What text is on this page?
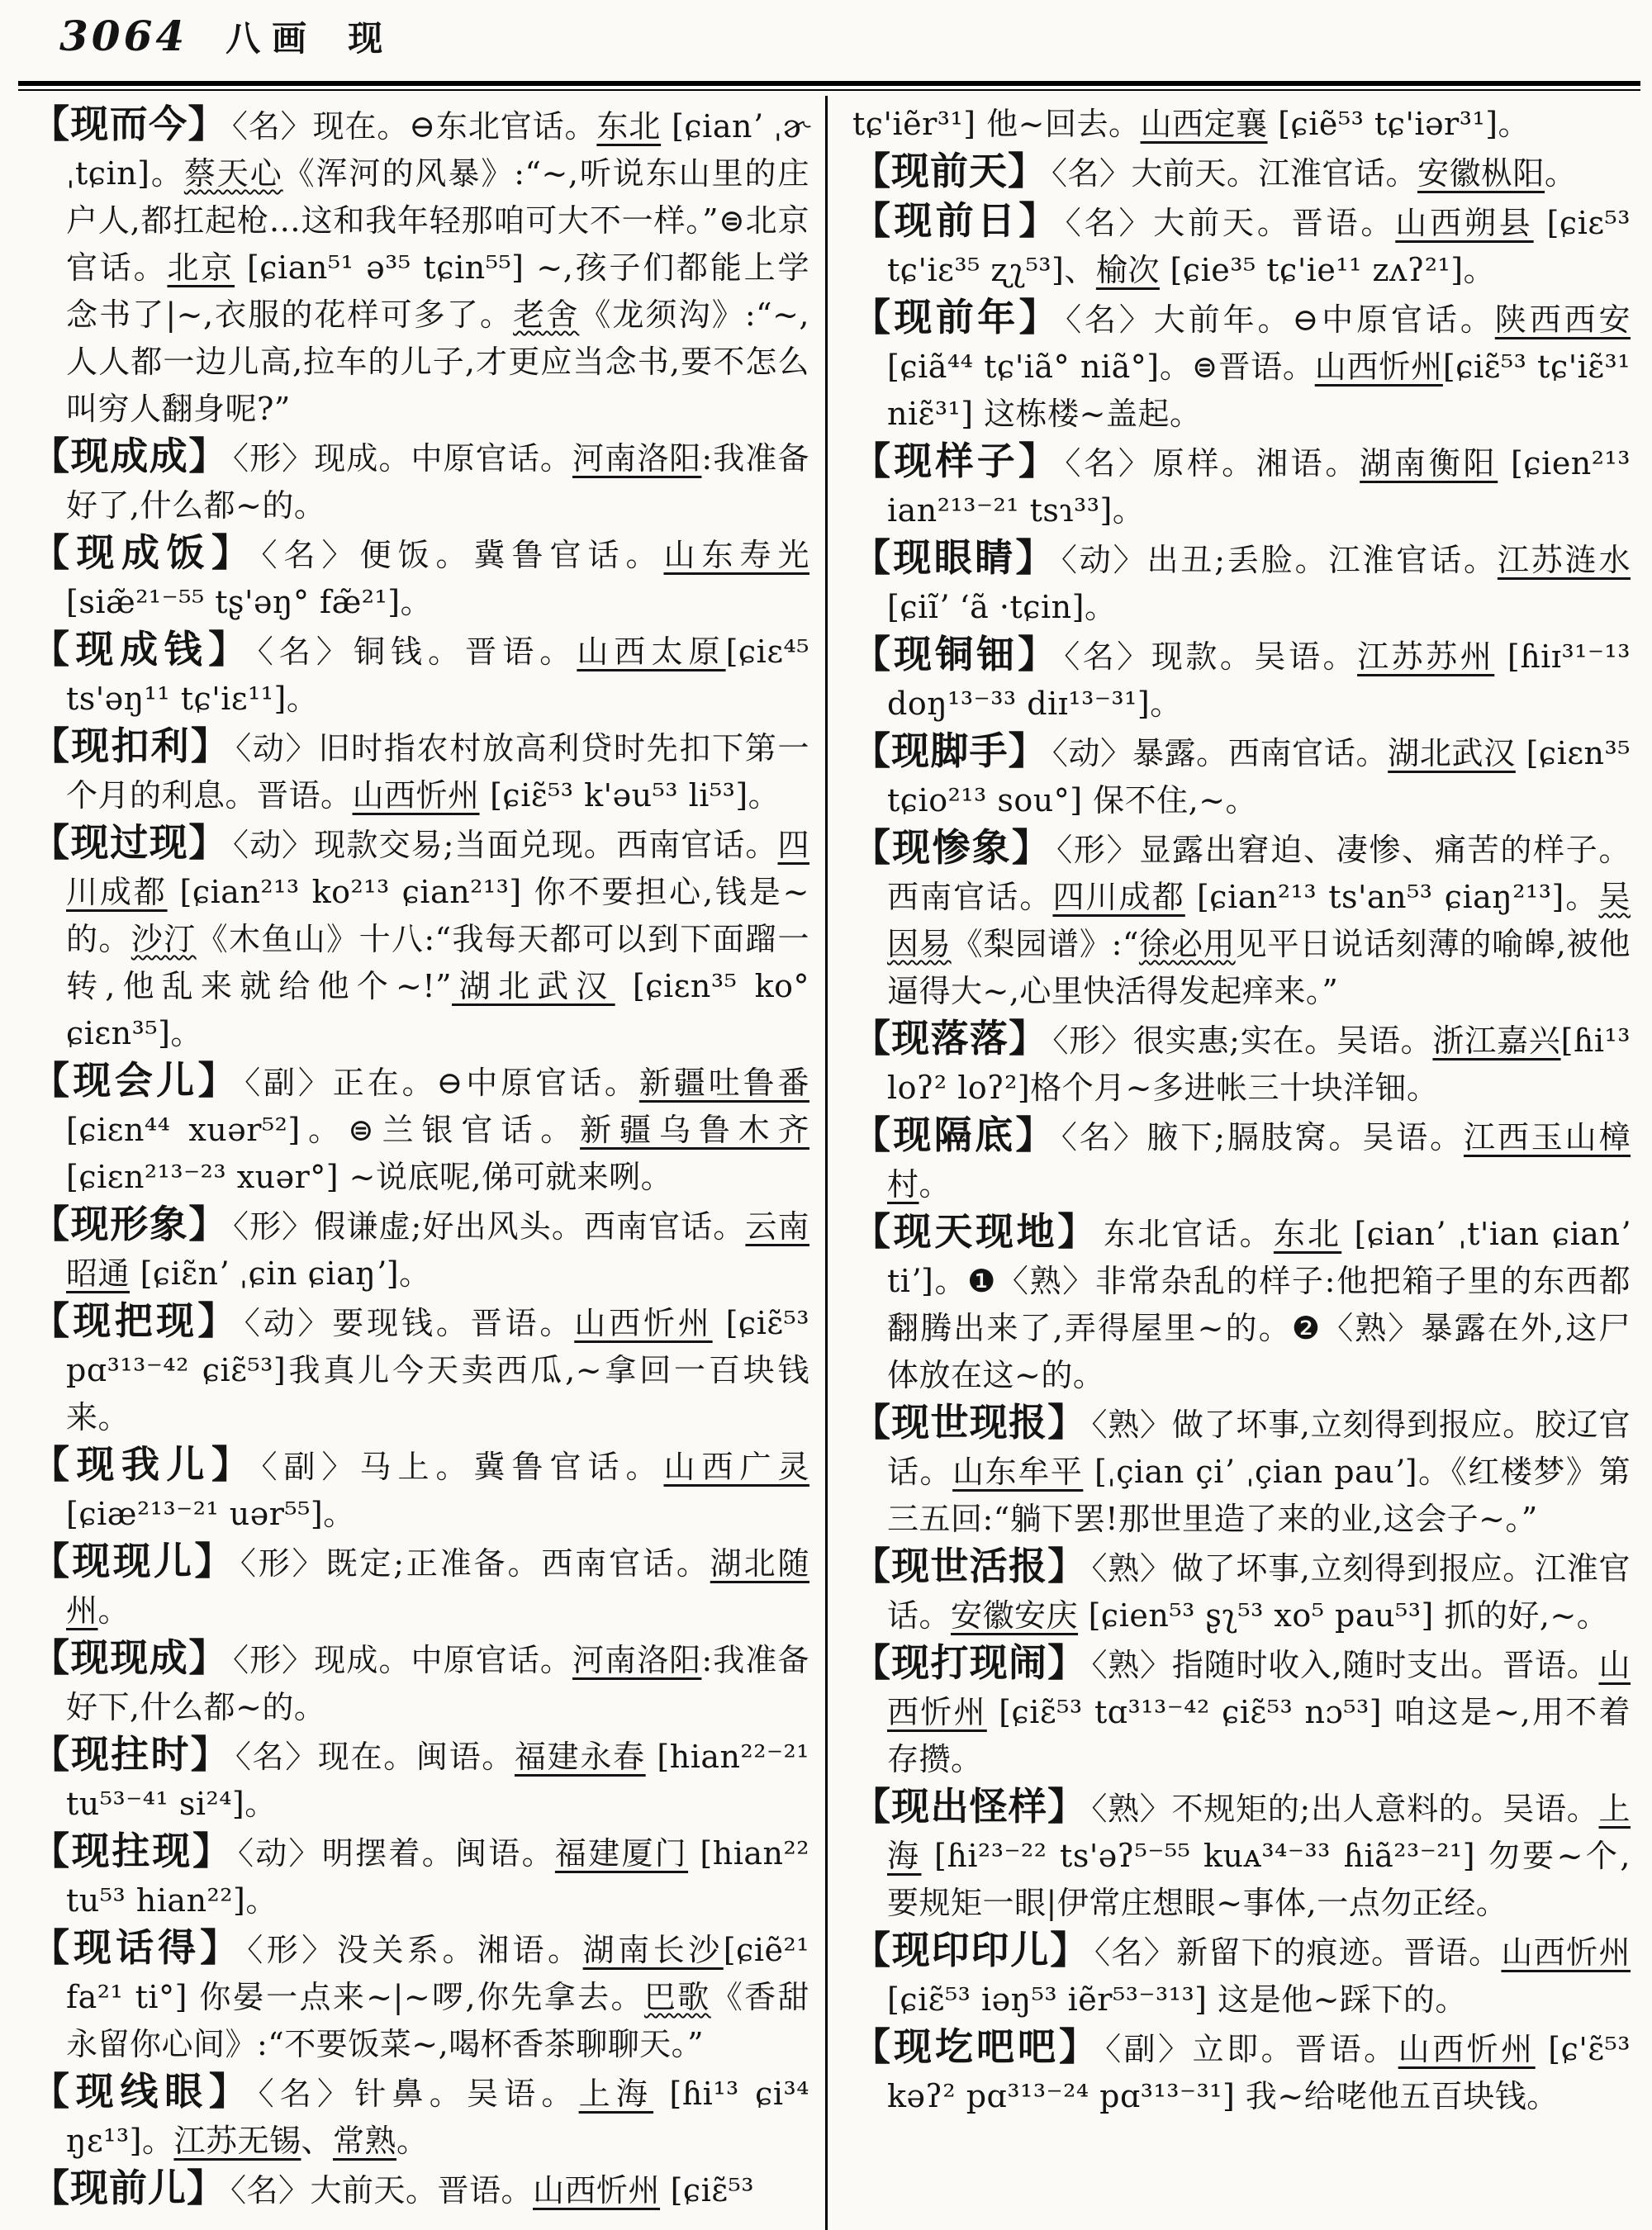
3064 八画 现
【现而今】 〈名〉现在。⊖东北官话。东北 [ɕianʼ ˌɚ ˌtɕin]。蔡天心《浑河的风暴》:“~,听说东山里的庄户人,都扛起枪…这和我年轻那咱可大不一样。”⊜北京官话。北京 [ɕian⁵¹ ə³⁵ tɕin⁵⁵] ~,孩子们都能上学念书了|~,衣服的花样可多了。老舍《龙须沟》:“~,人人都一边儿高,拉车的儿子,才更应当念书,要不怎么叫穷人翻身呢?”
【现成成】 〈形〉现成。中原官话。河南洛阳:我准备好了,什么都~的。
【现成饭】 〈名〉便饭。冀鲁官话。山东寿光 [siæ̃²¹⁻⁵⁵ tʂ'əŋ° fæ̃²¹]。
【现成钱】 〈名〉铜钱。晋语。山西太原[ɕiɛ⁴⁵ ts'əŋ¹¹ tɕ'iɛ¹¹]。
【现扣利】 〈动〉旧时指农村放高利贷时先扣下第一个月的利息。晋语。山西忻州 [ɕiɛ̃⁵³ k'əu⁵³ li⁵³]。
【现过现】 〈动〉现款交易;当面兑现。西南官话。四川成都 [ɕian²¹³ ko²¹³ ɕian²¹³] 你不要担心,钱是~的。沙汀《木鱼山》十八:“我每天都可以到下面蹓一转,他乱来就给他个~!”湖北武汉 [ɕiɛn³⁵ ko° ɕiɛn³⁵]。
【现会儿】 〈副〉正在。⊖中原官话。新疆吐鲁番 [ɕiɛn⁴⁴ xuər⁵²]。⊜兰银官话。新疆乌鲁木齐 [ɕiɛn²¹³⁻²³ xuər°] ~说底呢,俤可就来咧。
【现形象】 〈形〉假谦虚;好出风头。西南官话。云南昭通 [ɕiɛ̃nʼ ˌɕin ɕiaŋʼ]。
【现把现】 〈动〉要现钱。晋语。山西忻州 [ɕiɛ̃⁵³ pɑ³¹³⁻⁴² ɕiɛ̃⁵³]我真儿今天卖西瓜,~拿回一百块钱来。
【现我儿】 〈副〉马上。冀鲁官话。山西广灵[ɕiæ²¹³⁻²¹ uər⁵⁵]。
【现现儿】 〈形〉既定;正准备。西南官话。湖北随州。
【现现成】 〈形〉现成。中原官话。河南洛阳:我准备好下,什么都~的。
【现拄时】 〈名〉现在。闽语。福建永春 [hian²²⁻²¹ tu⁵³⁻⁴¹ si²⁴]。
【现拄现】 〈动〉明摆着。闽语。福建厦门 [hian²² tu⁵³ hian²²]。
【现话得】 〈形〉没关系。湘语。湖南长沙[ɕiẽ²¹ fa²¹ ti°] 你晏一点来~|~啰,你先拿去。巴歌《香甜永留你心间》:“不要饭菜~,喝杯香茶聊聊天。”
【现线眼】 〈名〉针鼻。吴语。上海 [ɦi¹³ ɕi³⁴ ŋɛ¹³]。江苏无锡、常熟。
【现前儿】 〈名〉大前天。晋语。山西忻州 [ɕiɛ̃⁵³
tɕ'iẽr³¹] 他~回去。山西定襄 [ɕiẽ⁵³ tɕ'iər³¹]。
【现前天】 〈名〉大前天。江淮官话。安徽枞阳。
【现前日】 〈名〉大前天。晋语。山西朔县 [ɕiɛ⁵³ tɕ'iɛ³⁵ ʐʅ⁵³]、榆次 [ɕie³⁵ tɕ'ie¹¹ zʌʔ²¹]。
【现前年】 〈名〉大前年。⊖中原官话。陕西西安 [ɕiã⁴⁴ tɕ'iã° niã°]。⊜晋语。山西忻州[ɕiɛ̃⁵³ tɕ'iɛ̃³¹ niɛ̃³¹] 这栋楼~盖起。
【现样子】 〈名〉原样。湘语。湖南衡阳 [ɕien²¹³ ian²¹³⁻²¹ tsɿ³³]。
【现眼睛】 〈动〉出丑;丢脸。江淮官话。江苏涟水 [ɕiĩʼ ʻã ·tɕin]。
【现铜钿】 〈名〉现款。吴语。江苏苏州 [ɦiɪ³¹⁻¹³ doŋ¹³⁻³³ diɪ¹³⁻³¹]。
【现脚手】 〈动〉暴露。西南官话。湖北武汉 [ɕiɛn³⁵ tɕio²¹³ sou°] 保不住,~。
【现惨象】 〈形〉显露出窘迫、凄惨、痛苦的样子。西南官话。四川成都 [ɕian²¹³ ts'an⁵³ ɕiaŋ²¹³]。吴因易《梨园谱》:“徐必用见平日说话刻薄的喻皞,被他逼得大~,心里快活得发起痒来。”
【现落落】 〈形〉很实惠;实在。吴语。浙江嘉兴[ɦi¹³ loʔ² loʔ²]格个月~多进帐三十块洋钿。
【现隔底】 〈名〉腋下;膈肢窝。吴语。江西玉山樟村。
【现天现地】 东北官话。东北 [ɕianʼ ˌt'ian ɕianʼ tiʼ]。❶〈熟〉非常杂乱的样子:他把箱子里的东西都翻腾出来了,弄得屋里~的。❷〈熟〉暴露在外,这尸体放在这~的。
【现世现报】 〈熟〉做了坏事,立刻得到报应。胶辽官话。山东牟平 [ˌçian çiʼ ˌçian pauʼ]。《红楼梦》第三五回:“躺下罢!那世里造了来的业,这会子~。”
【现世活报】 〈熟〉做了坏事,立刻得到报应。江淮官话。安徽安庆 [ɕien⁵³ ʂʅ⁵³ xo⁵ pau⁵³] 抓的好,~。
【现打现闹】 〈熟〉指随时收入,随时支出。晋语。山西忻州 [ɕiɛ̃⁵³ tɑ³¹³⁻⁴² ɕiɛ̃⁵³ nɔ⁵³] 咱这是~,用不着存攒。
【现出怪样】 〈熟〉不规矩的;出人意料的。吴语。上海 [ɦi²³⁻²² ts'əʔ⁵⁻⁵⁵ kuᴀ³⁴⁻³³ ɦiã²³⁻²¹] 勿要~个,要规矩一眼|伊常庄想眼~事体,一点勿正经。
【现印印儿】 〈名〉新留下的痕迹。晋语。山西忻州 [ɕiɛ̃⁵³ iəŋ⁵³ iẽr⁵³⁻³¹³] 这是他~踩下的。
【现圪吧吧】 〈副〉立即。晋语。山西忻州 [ɕ'ɛ̃⁵³ kəʔ² pɑ³¹³⁻²⁴ pɑ³¹³⁻³¹] 我~给咾他五百块钱。
